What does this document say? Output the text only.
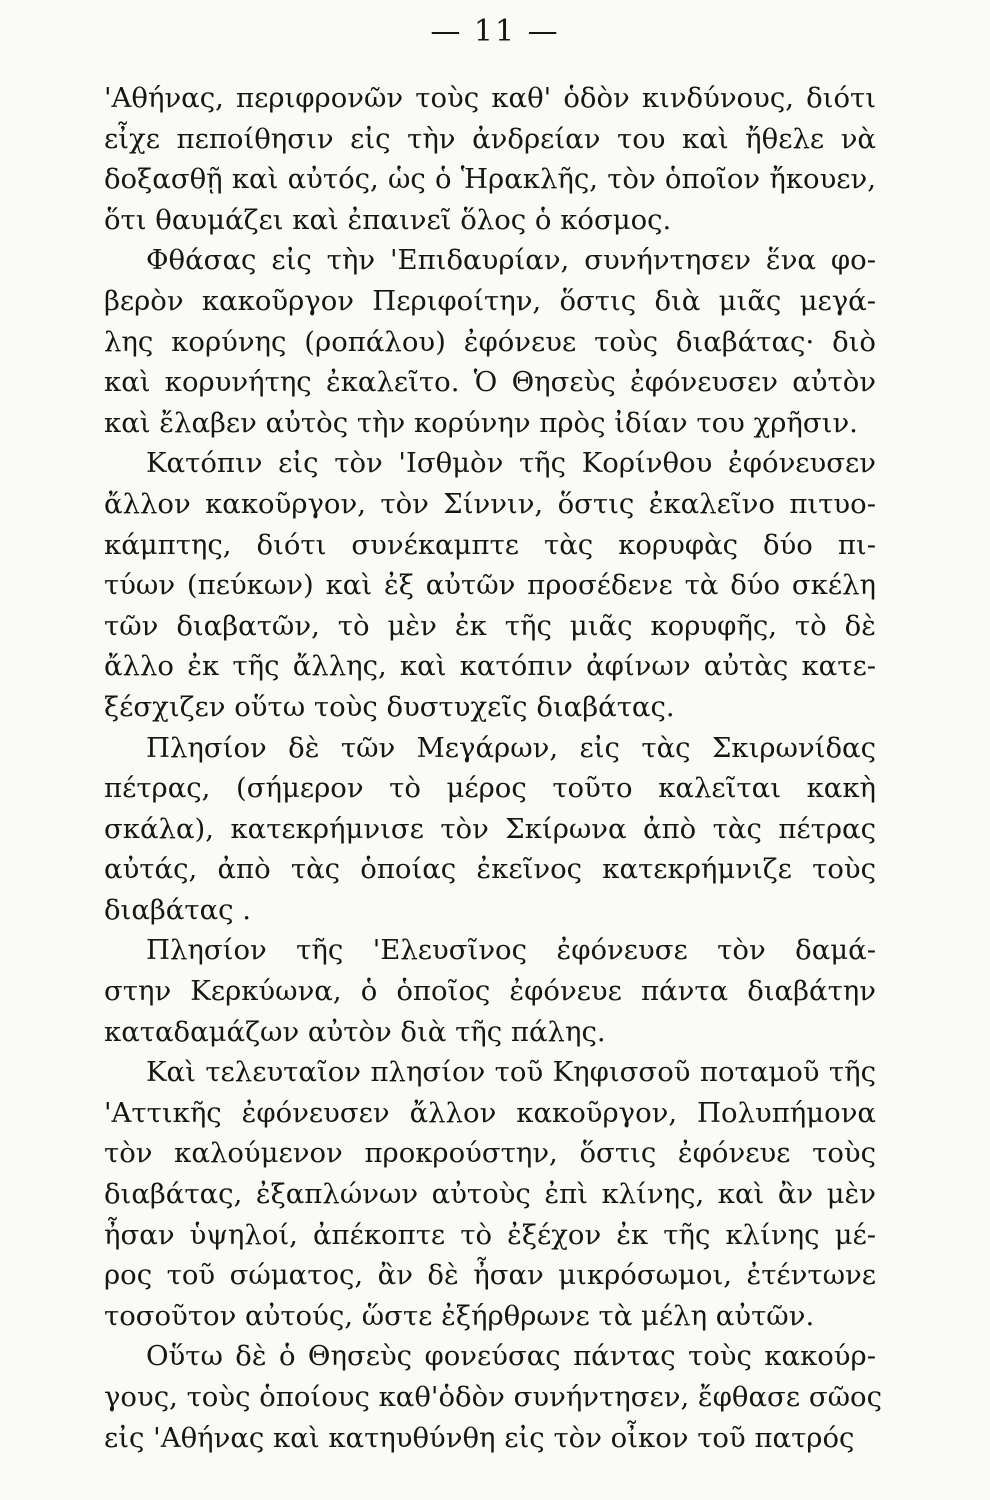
— 11 —
'Αθήνας, περιφρονῶν τοὺς καθ' ὁδὸν κινδύνους, διότι
εἶχε πεποίθησιν εἰς τὴν ἀνδρείαν του καὶ ἤθελε νὰ
δοξασθῇ καὶ αὐτός, ὡς ὁ Ἡρακλῆς, τὸν ὁποῖον ἤκουεν,
ὅτι θαυμάζει καὶ ἐπαινεῖ ὅλος ὁ κόσμος.
Φθάσας εἰς τὴν 'Επιδαυρίαν, συνήντησεν ἕνα φο-
βερὸν κακοῦργον Περιφοίτην, ὅστις διὰ μιᾶς μεγά-
λης κορύνης (ροπάλου) ἐφόνευε τοὺς διαβάτας· διὸ
καὶ κορυνήτης ἐκαλεῖτο. Ὁ Θησεὺς ἐφόνευσεν αὐτὸν
καὶ ἔλαβεν αὐτὸς τὴν κορύνην πρὸς ἰδίαν του χρῆσιν.
Κατόπιν εἰς τὸν 'Ισθμὸν τῆς Κορίνθου ἐφόνευσεν
ἄλλον κακοῦργον, τὸν Σίννιν, ὅστις ἐκαλεῖνο πιτυο-
κάμπτης, διότι συνέκαμπτε τὰς κορυφὰς δύο πι-
τύων (πεύκων) καὶ ἐξ αὐτῶν προσέδενε τὰ δύο σκέλη
τῶν διαβατῶν, τὸ μὲν ἐκ τῆς μιᾶς κορυφῆς, τὸ δὲ
ἄλλο ἐκ τῆς ἄλλης, καὶ κατόπιν ἀφίνων αὐτὰς κατε-
ξέσχιζεν οὕτω τοὺς δυστυχεῖς διαβάτας.
Πλησίον δὲ τῶν Μεγάρων, εἰς τὰς Σκιρωνίδας
πέτρας, (σήμερον τὸ μέρος τοῦτο καλεῖται κακὴ
σκάλα), κατεκρήμνισε τὸν Σκίρωνα ἀπὸ τὰς πέτρας
αὐτάς, ἀπὸ τὰς ὁποίας ἐκεῖνος κατεκρήμνιζε τοὺς
διαβάτας .
Πλησίον τῆς 'Ελευσῖνος ἐφόνευσε τὸν δαμά-
στην Κερκύωνα, ὁ ὁποῖος ἐφόνευε πάντα διαβάτην
καταδαμάζων αὐτὸν διὰ τῆς πάλης.
Καὶ τελευταῖον πλησίον τοῦ Κηφισσοῦ ποταμοῦ τῆς
'Αττικῆς ἐφόνευσεν ἄλλον κακοῦργον, Πολυπήμονα
τὸν καλούμενον προκρούστην, ὅστις ἐφόνευε τοὺς
διαβάτας, ἐξαπλώνων αὐτοὺς ἐπὶ κλίνης, καὶ ἂν μὲν
ἦσαν ὑψηλοί, ἀπέκοπτε τὸ ἐξέχον ἐκ τῆς κλίνης μέ-
ρος τοῦ σώματος, ἂν δὲ ἦσαν μικρόσωμοι, ἐτέντωνε
τοσοῦτον αὐτούς, ὥστε ἐξήρθρωνε τὰ μέλη αὐτῶν.
Οὕτω δὲ ὁ Θησεὺς φονεύσας πάντας τοὺς κακούρ-
γους, τοὺς ὁποίους καθ'ὁδὸν συνήντησεν, ἔφθασε σῶος
εἰς 'Αθήνας καὶ κατηυθύνθη εἰς τὸν οἶκον τοῦ πατρός
